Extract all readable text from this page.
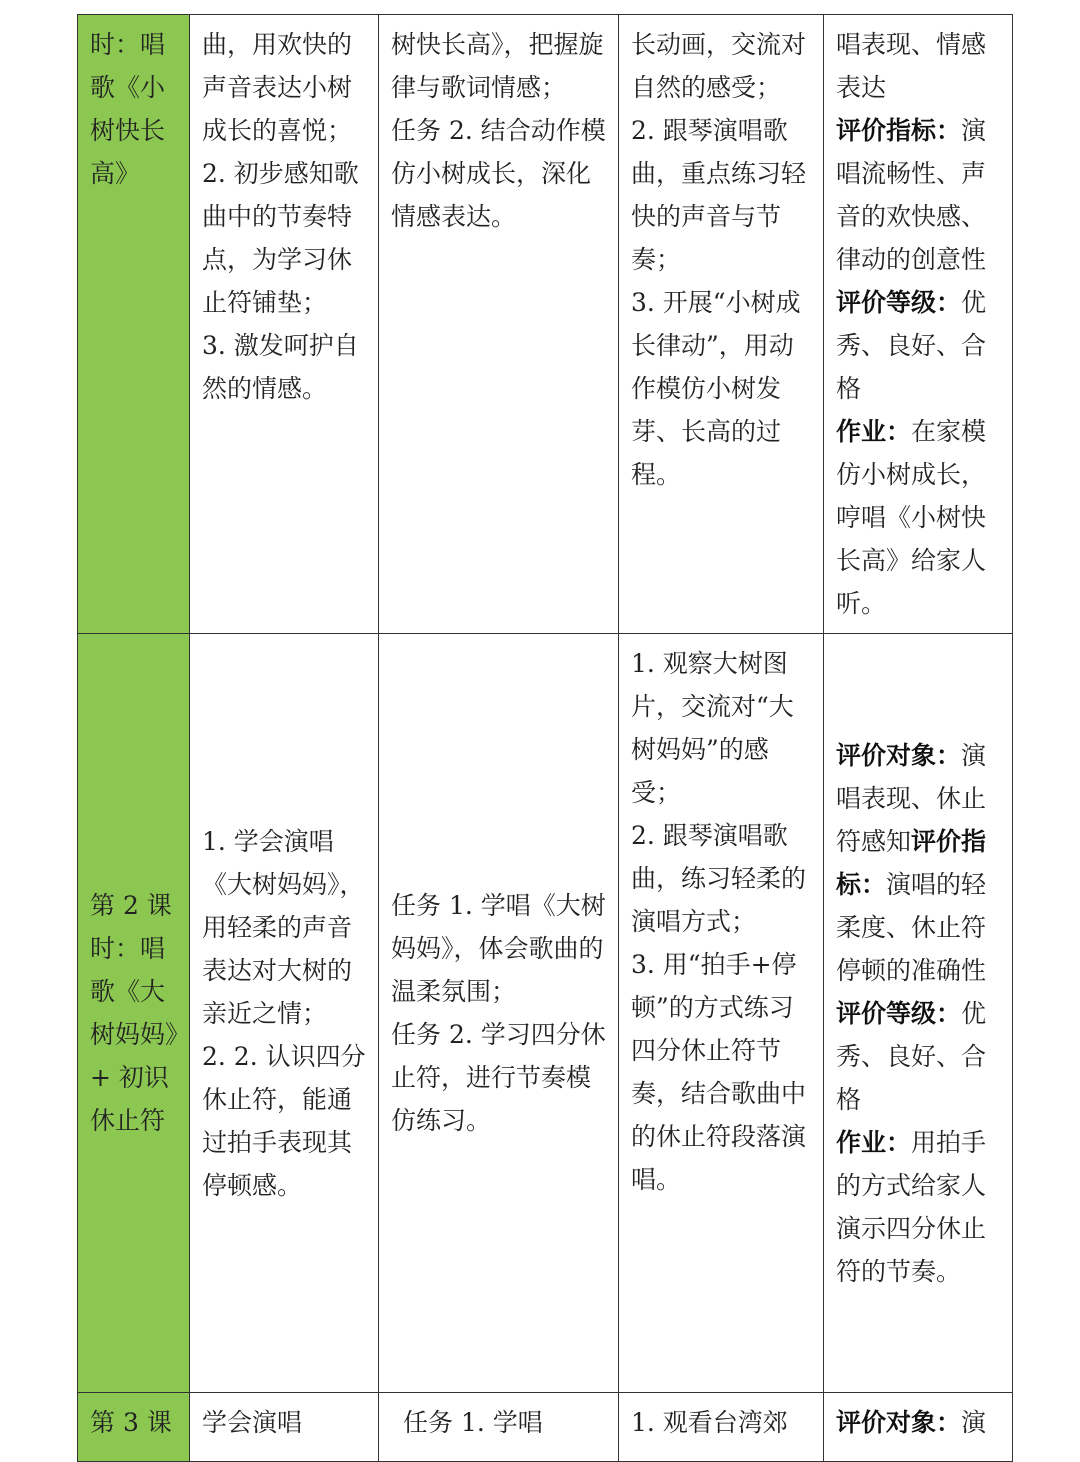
时：唱歌《小树快长高》	曲，用欢快的声音表达小树成长的喜悦；
2. 初步感知歌曲中的节奏特点，为学习休止符铺垫；
3. 激发呵护自然的情感。	树快长高》，把握旋律与歌词情感；
任务 2. 结合动作模仿小树成长，深化情感表达。	长动画，交流对自然的感受；
2. 跟琴演唱歌曲，重点练习轻快的声音与节奏；
3. 开展“小树成长律动”，用动作模仿小树发芽、长高的过程。	唱表现、情感表达
评价指标：演唱流畅性、声音的欢快感、律动的创意性
评价等级：优秀、良好、合格
作业：在家模仿小树成长，哼唱《小树快长高》给家人听。

第 2 课时：唱歌《大树妈妈》+ 初识休止符	1. 学会演唱《大树妈妈》，用轻柔的声音表达对大树的亲近之情；
2. 2. 认识四分休止符，能通过拍手表现其停顿感。	任务 1. 学唱《大树妈妈》，体会歌曲的温柔氛围；
任务 2. 学习四分休止符，进行节奏模仿练习。	1. 观察大树图片，交流对“大树妈妈”的感受；
2. 跟琴演唱歌曲，练习轻柔的演唱方式；
3. 用“拍手+停顿”的方式练习四分休止符节奏，结合歌曲中的休止符段落演唱。	评价对象：演唱表现、休止符感知评价指标：演唱的轻柔度、休止符停顿的准确性
评价等级：优秀、良好、合格
作业：用拍手的方式给家人演示四分休止符的节奏。

第 3 课	学会演唱	任务 1. 学唱	1. 观看台湾郊	评价对象：演
